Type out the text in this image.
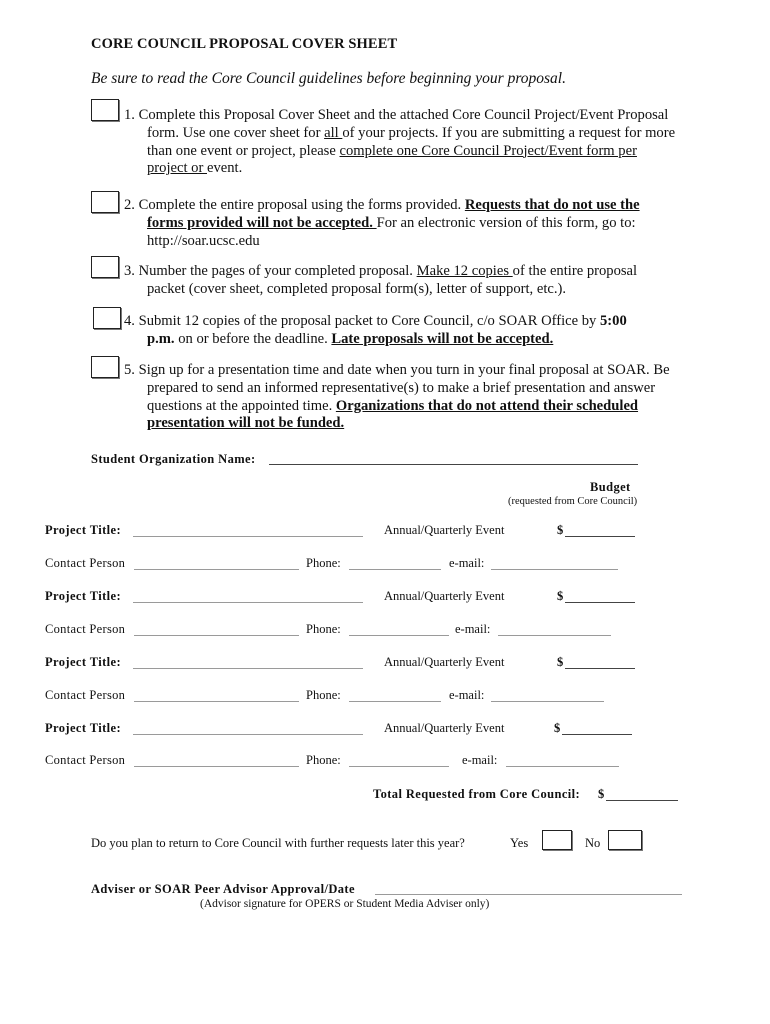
CORE COUNCIL PROPOSAL COVER SHEET
Be sure to read the Core Council guidelines before beginning your proposal.
1. Complete this Proposal Cover Sheet and the attached Core Council Project/Event Proposal
form. Use one cover sheet for all of your projects. If you are submitting a request for more
than one event or project, please complete one Core Council Project/Event form per
project or event.
2. Complete the entire proposal using the forms provided. Requests that do not use the
forms provided will not be accepted. For an electronic version of this form, go to:
http://soar.ucsc.edu
3. Number the pages of your completed proposal. Make 12 copies of the entire proposal
packet (cover sheet, completed proposal form(s), letter of support, etc.).
4. Submit 12 copies of the proposal packet to Core Council, c/o SOAR Office by 5:00
p.m. on or before the deadline. Late proposals will not be accepted.
5. Sign up for a presentation time and date when you turn in your final proposal at SOAR. Be
prepared to send an informed representative(s) to make a brief presentation and answer
questions at the appointed time. Organizations that do not attend their scheduled
presentation will not be funded.
Student Organization Name:
Budget
(requested from Core Council)
Project Title:	Annual/Quarterly Event	$
Contact Person	Phone:	e-mail:
Project Title:	Annual/Quarterly Event	$
Contact Person	Phone:	e-mail:
Project Title:	Annual/Quarterly Event	$
Contact Person	Phone:	e-mail:
Project Title:	Annual/Quarterly Event	$
Contact Person	Phone:	e-mail:
Total Requested from Core Council: $
Do you plan to return to Core Council with further requests later this year?	Yes	No
Adviser or SOAR Peer Advisor Approval/Date
(Advisor signature for OPERS or Student Media Adviser only)
